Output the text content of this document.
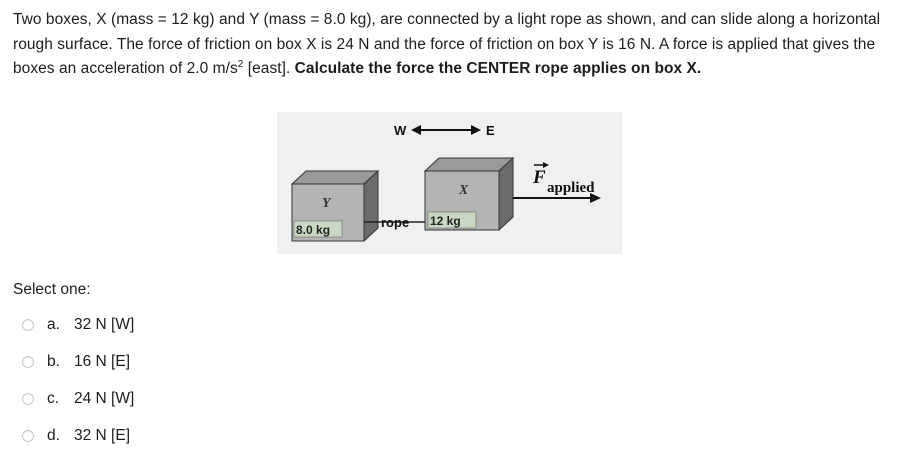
Two boxes, X (mass = 12 kg) and Y (mass = 8.0 kg), are connected by a light rope as shown, and can slide along a horizontal rough surface. The force of friction on box X is 24 N and the force of friction on box Y is 16 N. A force is applied that gives the boxes an acceleration of 2.0 $m/s^2$ [east]. Calculate the force the CENTER rope applies on box X.
W	E
Y
8.0 kg	rope
X
12 kg
F applied
Select one:
a. 32 N [W]
b. 16 N [E]
c. 24 N [W]
d. 32 N [E]
